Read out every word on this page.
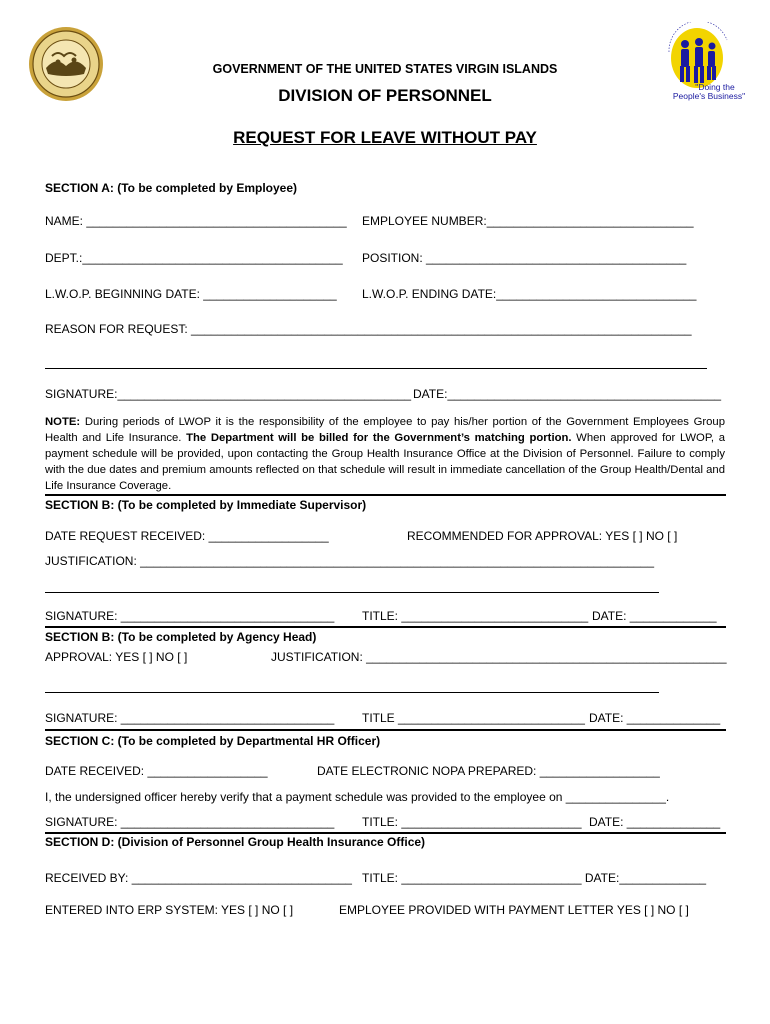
"Doing the
People's Business"
GOVERNMENT OF THE UNITED STATES VIRGIN ISLANDS
DIVISION OF PERSONNEL
REQUEST FOR LEAVE WITHOUT PAY
SECTION A: (To be completed by Employee)
NAME: _______________________________________ EMPLOYEE NUMBER:_______________________________
DEPT.:_______________________________________ POSITION: _______________________________________
L.W.O.P. BEGINNING DATE: ____________________ L.W.O.P. ENDING DATE:______________________________
REASON FOR REQUEST: ___________________________________________________________________________
SIGNATURE:____________________________________________ DATE:_________________________________________
NOTE: During periods of LWOP it is the responsibility of the employee to pay his/her portion of the Government Employees Group Health and Life Insurance. The Department will be billed for the Government’s matching portion. When approved for LWOP, a payment schedule will be provided, upon contacting the Group Health Insurance Office at the Division of Personnel. Failure to comply with the due dates and premium amounts reflected on that schedule will result in immediate cancellation of the Group Health/Dental and Life Insurance Coverage.
SECTION B: (To be completed by Immediate Supervisor)
DATE REQUEST RECEIVED: __________________	RECOMMENDED FOR APPROVAL: YES [ ] NO [ ]
JUSTIFICATION: _____________________________________________________________________________
SIGNATURE: ________________________________ TITLE: ____________________________ DATE: _____________
SECTION B: (To be completed by Agency Head)
APPROVAL: YES [ ] NO [ ]	JUSTIFICATION: ______________________________________________________
SIGNATURE: ________________________________ TITLE ____________________________ DATE: ______________
SECTION C: (To be completed by Departmental HR Officer)
DATE RECEIVED: __________________	DATE ELECTRONIC NOPA PREPARED: __________________
I, the undersigned officer hereby verify that a payment schedule was provided to the employee on _______________.
SIGNATURE: ________________________________ TITLE: ___________________________ DATE: ______________
SECTION D: (Division of Personnel Group Health Insurance Office)
RECEIVED BY: _________________________________ TITLE: ___________________________ DATE:_____________
ENTERED INTO ERP SYSTEM: YES [ ] NO [ ]	EMPLOYEE PROVIDED WITH PAYMENT LETTER YES [ ] NO [ ]
